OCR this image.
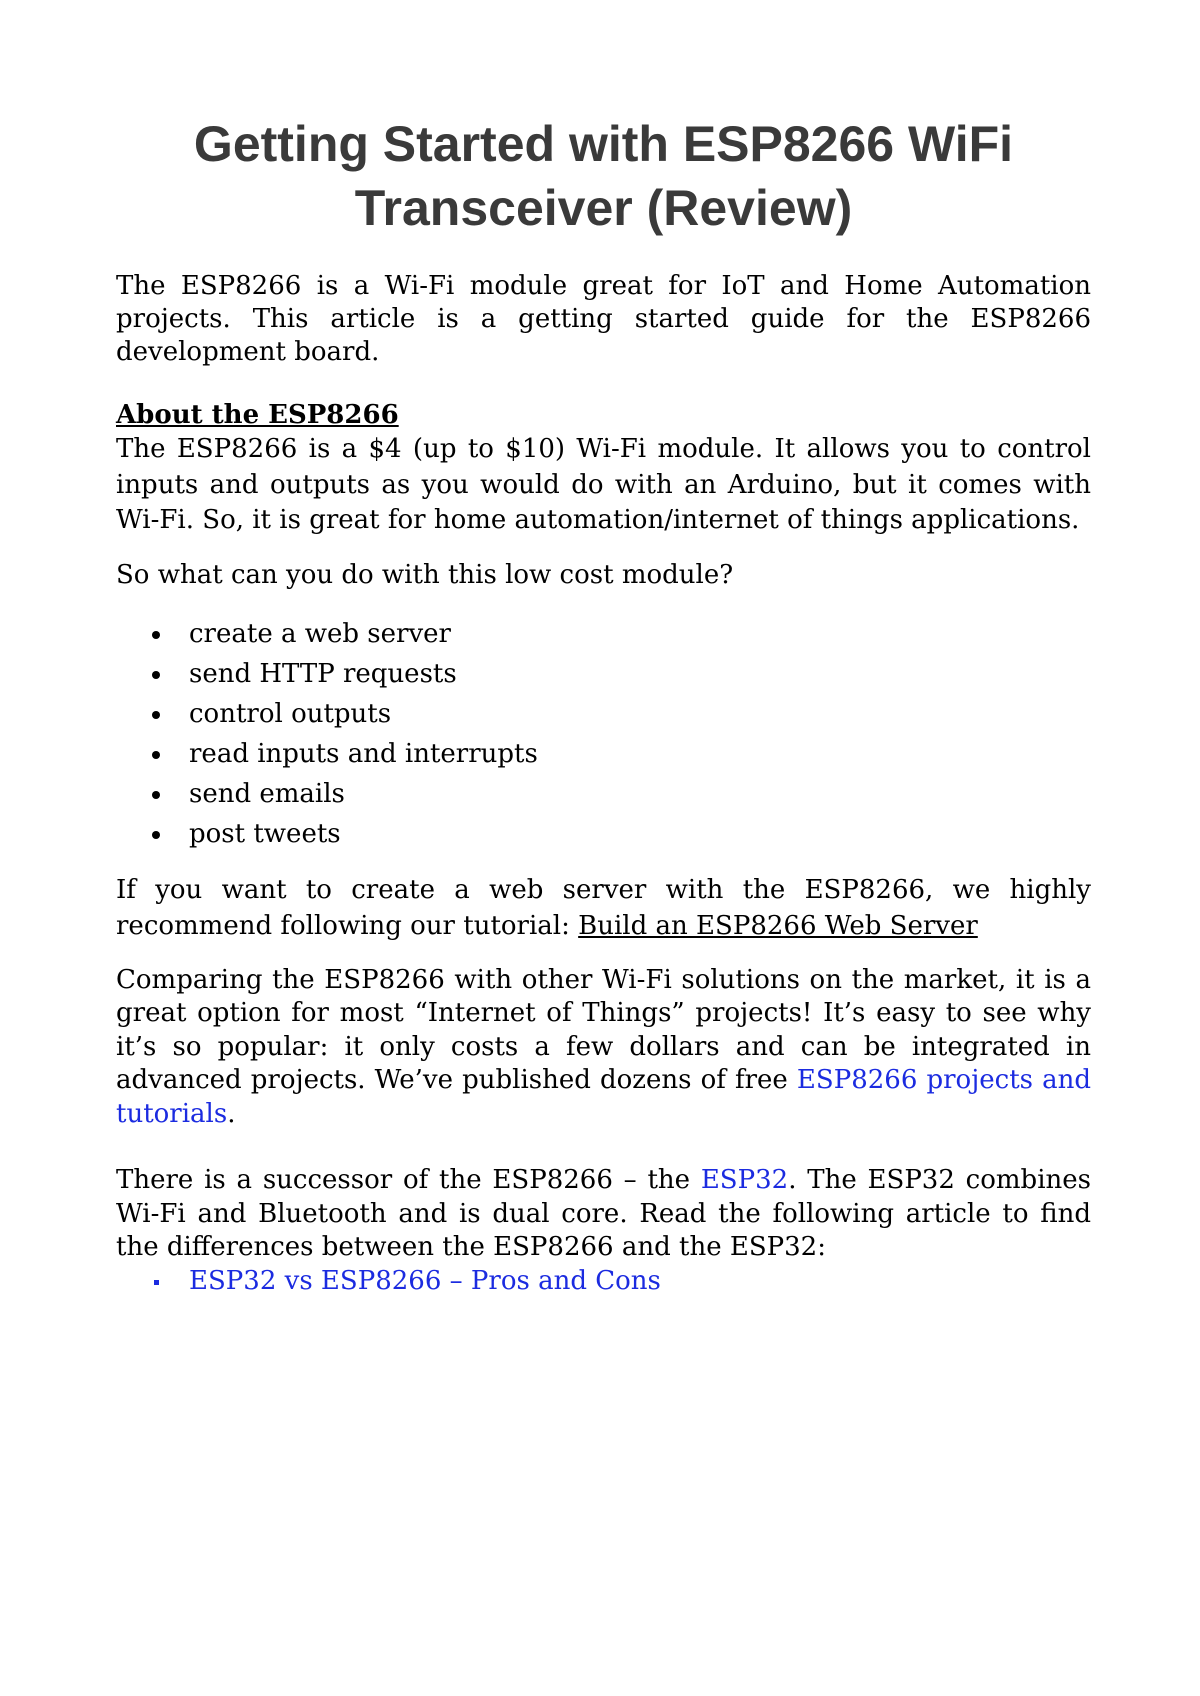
Getting Started with ESP8266 WiFi Transceiver (Review)

The ESP8266 is a Wi-Fi module great for IoT and Home Automation projects. This article is a getting started guide for the ESP8266 development board.

About the ESP8266

The ESP8266 is a $4 (up to $10) Wi-Fi module. It allows you to control inputs and outputs as you would do with an Arduino, but it comes with Wi-Fi. So, it is great for home automation/internet of things applications.

So what can you do with this low cost module?

create a web server
send HTTP requests
control outputs
read inputs and interrupts
send emails
post tweets

If you want to create a web server with the ESP8266, we highly recommend following our tutorial: Build an ESP8266 Web Server

Comparing the ESP8266 with other Wi-Fi solutions on the market, it is a great option for most “Internet of Things” projects! It’s easy to see why it’s so popular: it only costs a few dollars and can be integrated in advanced projects. We’ve published dozens of free ESP8266 projects and tutorials.

There is a successor of the ESP8266 – the ESP32. The ESP32 combines Wi-Fi and Bluetooth and is dual core. Read the following article to find the differences between the ESP8266 and the ESP32:

ESP32 vs ESP8266 – Pros and Cons
